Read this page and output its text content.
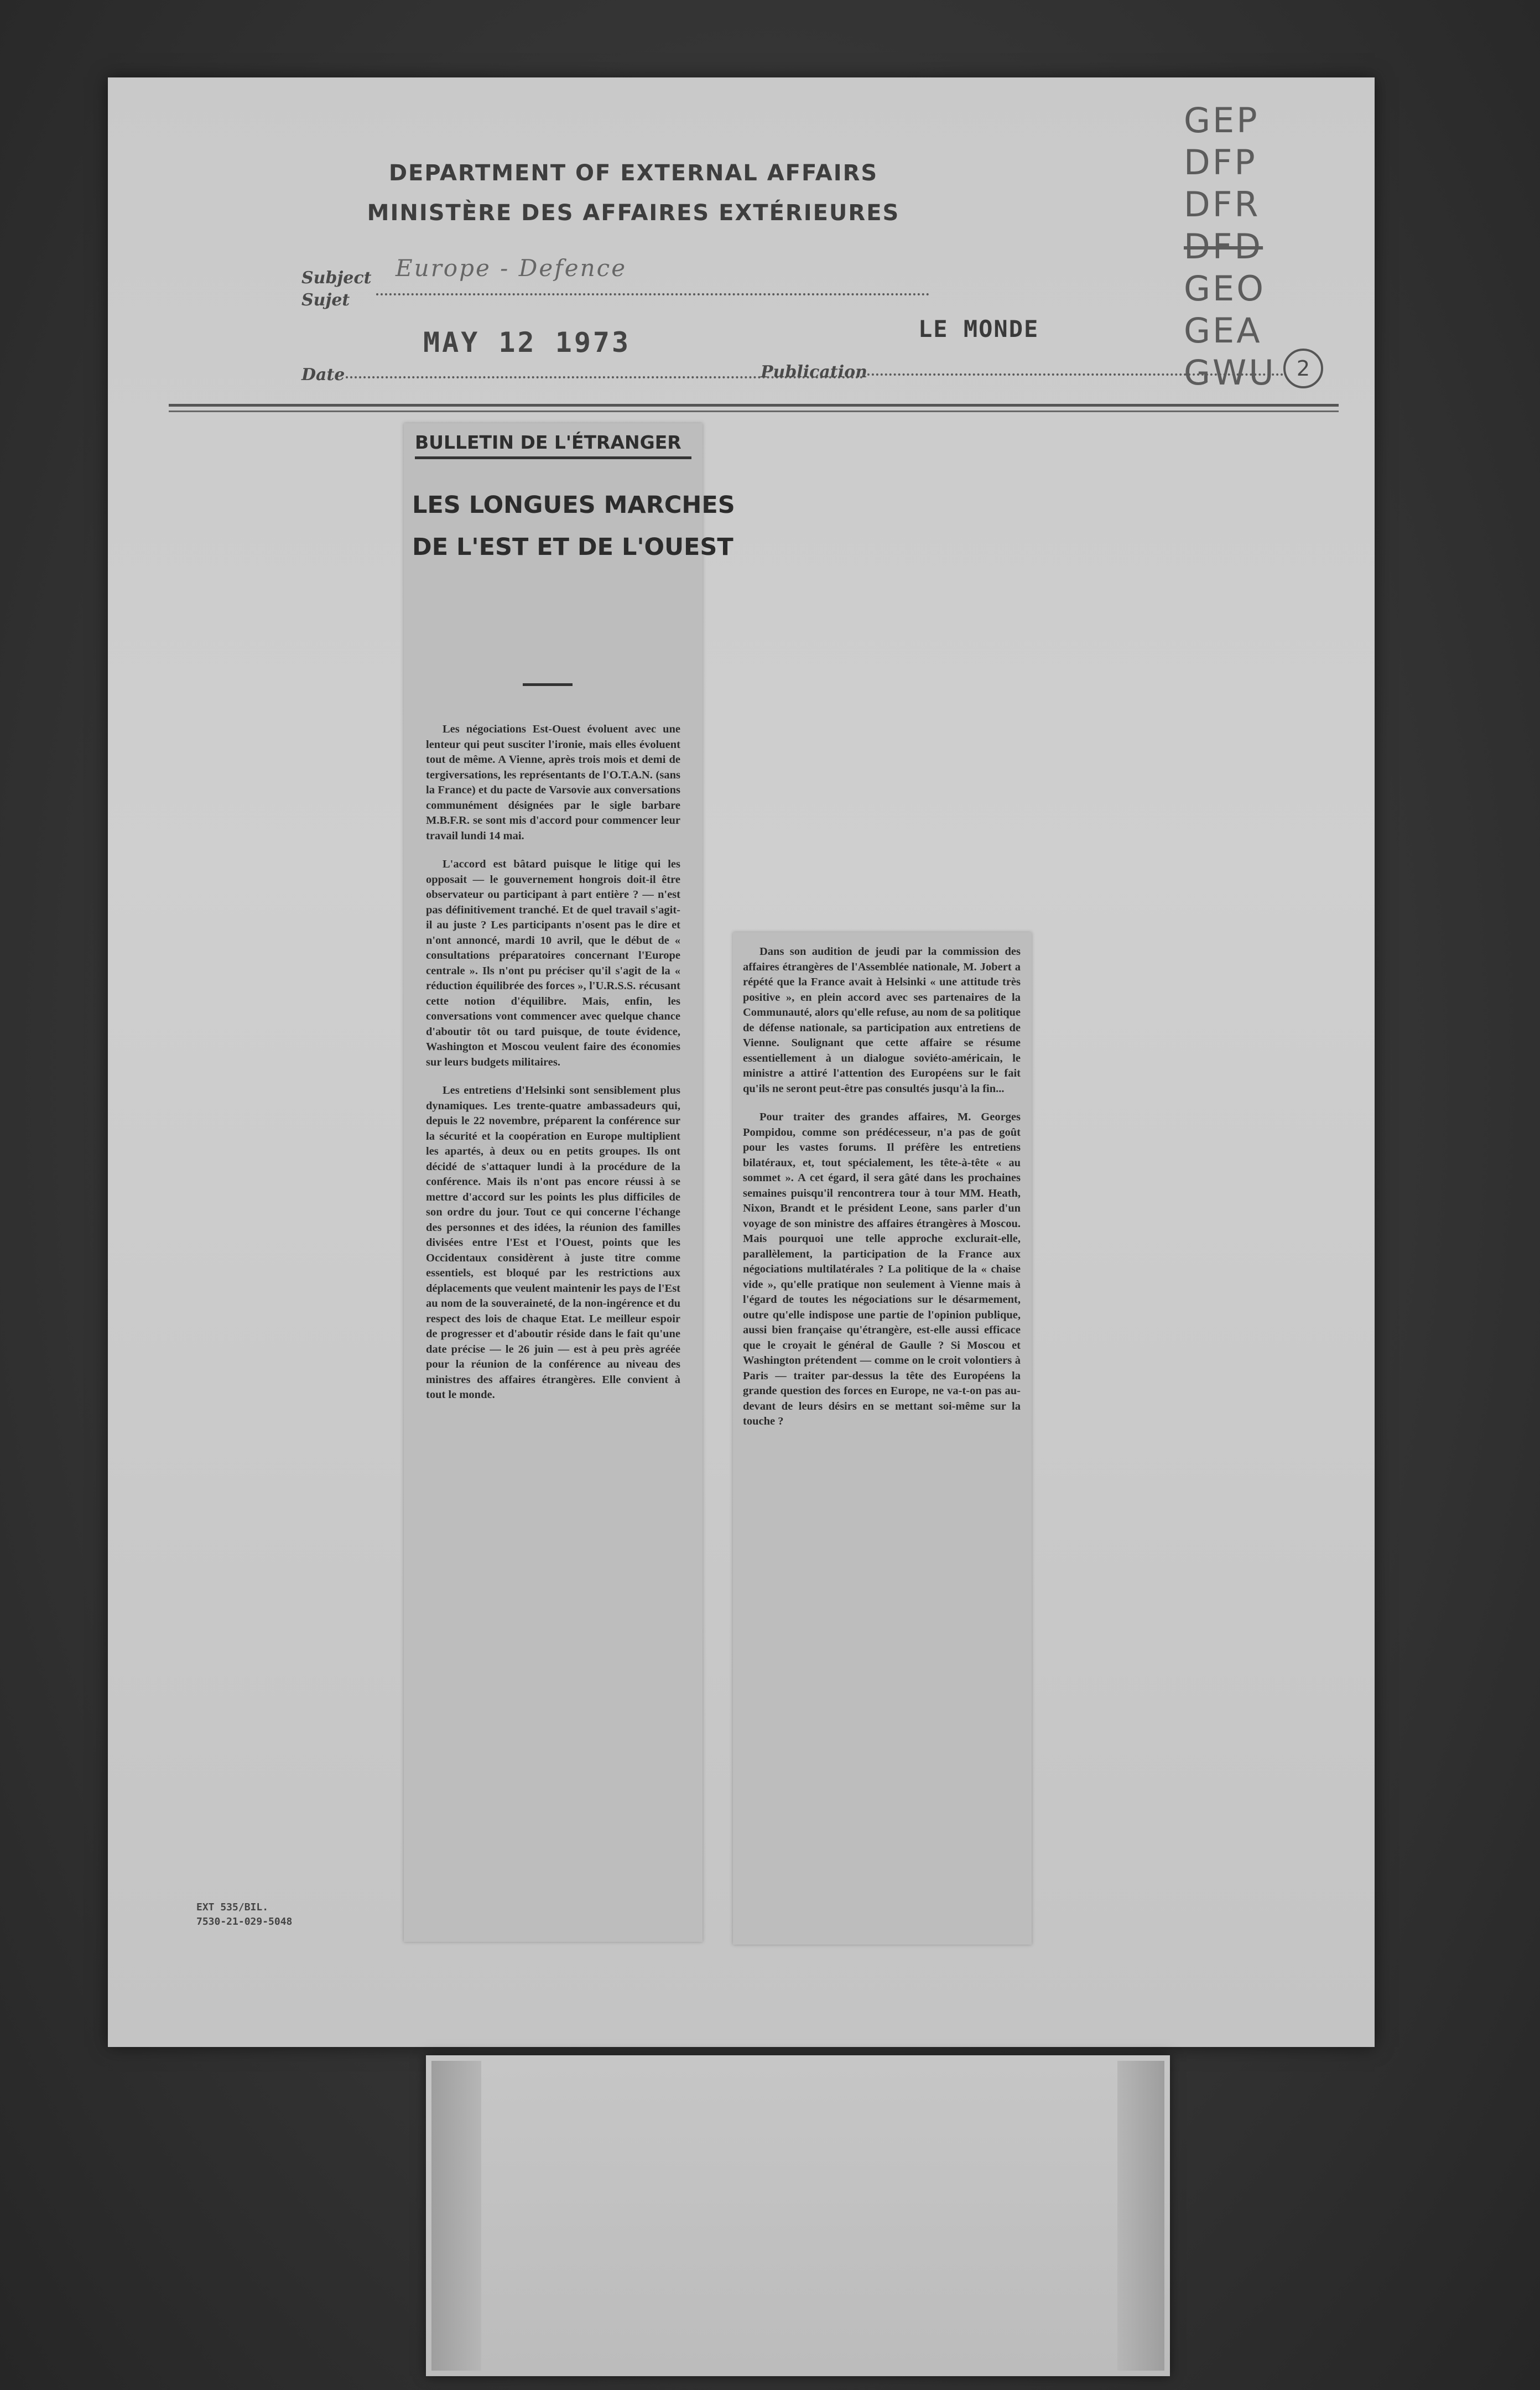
DEPARTMENT OF EXTERNAL AFFAIRS
MINISTÈRE DES AFFAIRES EXTÉRIEURES
GEP
DFP
DFR
DFD
GEO
GEA
GWU 2
Subject
Sujet
Europe - Defence
MAY 12 1973
Date
LE MONDE
Publication
BULLETIN DE L'ÉTRANGER
LES LONGUES MARCHES
DE L'EST ET DE L'OUEST

Les négociations Est-Ouest évoluent avec une lenteur qui peut susciter l'ironie, mais elles évoluent tout de même. A Vienne, après trois mois et demi de tergiversations, les représentants de l'O.T.A.N. (sans la France) et du pacte de Varsovie aux conversations communément désignées par le sigle barbare M.B.F.R. se sont mis d'accord pour commencer leur travail lundi 14 mai.

L'accord est bâtard puisque le litige qui les opposait — le gouvernement hongrois doit-il être observateur ou participant à part entière ? — n'est pas définitivement tranché. Et de quel travail s'agit-il au juste ? Les participants n'osent pas le dire et n'ont annoncé, mardi 10 avril, que le début de « consultations préparatoires concernant l'Europe centrale ». Ils n'ont pu préciser qu'il s'agit de la « réduction équilibrée des forces », l'U.R.S.S. récusant cette notion d'équilibre. Mais, enfin, les conversations vont commencer avec quelque chance d'aboutir tôt ou tard puisque, de toute évidence, Washington et Moscou veulent faire des économies sur leurs budgets militaires.

Les entretiens d'Helsinki sont sensiblement plus dynamiques. Les trente-quatre ambassadeurs qui, depuis le 22 novembre, préparent la conférence sur la sécurité et la coopération en Europe multiplient les apartés, à deux ou en petits groupes. Ils ont décidé de s'attaquer lundi à la procédure de la conférence. Mais ils n'ont pas encore réussi à se mettre d'accord sur les points les plus difficiles de son ordre du jour. Tout ce qui concerne l'échange des personnes et des idées, la réunion des familles divisées entre l'Est et l'Ouest, points que les Occidentaux considèrent à juste titre comme essentiels, est bloqué par les restrictions aux déplacements que veulent maintenir les pays de l'Est au nom de la souveraineté, de la non-ingérence et du respect des lois de chaque Etat. Le meilleur espoir de progresser et d'aboutir réside dans le fait qu'une date précise — le 26 juin — est à peu près agréée pour la réunion de la conférence au niveau des ministres des affaires étrangères. Elle convient à tout le monde.

Dans son audition de jeudi par la commission des affaires étrangères de l'Assemblée nationale, M. Jobert a répété que la France avait à Helsinki « une attitude très positive », en plein accord avec ses partenaires de la Communauté, alors qu'elle refuse, au nom de sa politique de défense nationale, sa participation aux entretiens de Vienne. Soulignant que cette affaire se résume essentiellement à un dialogue soviéto-américain, le ministre a attiré l'attention des Européens sur le fait qu'ils ne seront peut-être pas consultés jusqu'à la fin...

Pour traiter des grandes affaires, M. Georges Pompidou, comme son prédécesseur, n'a pas de goût pour les vastes forums. Il préfère les entretiens bilatéraux, et, tout spécialement, les tête-à-tête « au sommet ». A cet égard, il sera gâté dans les prochaines semaines puisqu'il rencontrera tour à tour MM. Heath, Nixon, Brandt et le président Leone, sans parler d'un voyage de son ministre des affaires étrangères à Moscou. Mais pourquoi une telle approche exclurait-elle, parallèlement, la participation de la France aux négociations multilatérales ? La politique de la « chaise vide », qu'elle pratique non seulement à Vienne mais à l'égard de toutes les négociations sur le désarmement, outre qu'elle indispose une partie de l'opinion publique, aussi bien française qu'étrangère, est-elle aussi efficace que le croyait le général de Gaulle ? Si Moscou et Washington prétendent — comme on le croit volontiers à Paris — traiter par-dessus la tête des Européens la grande question des forces en Europe, ne va-t-on pas au-devant de leurs désirs en se mettant soi-même sur la touche ?

EXT 535/BIL.
7530-21-029-5048
